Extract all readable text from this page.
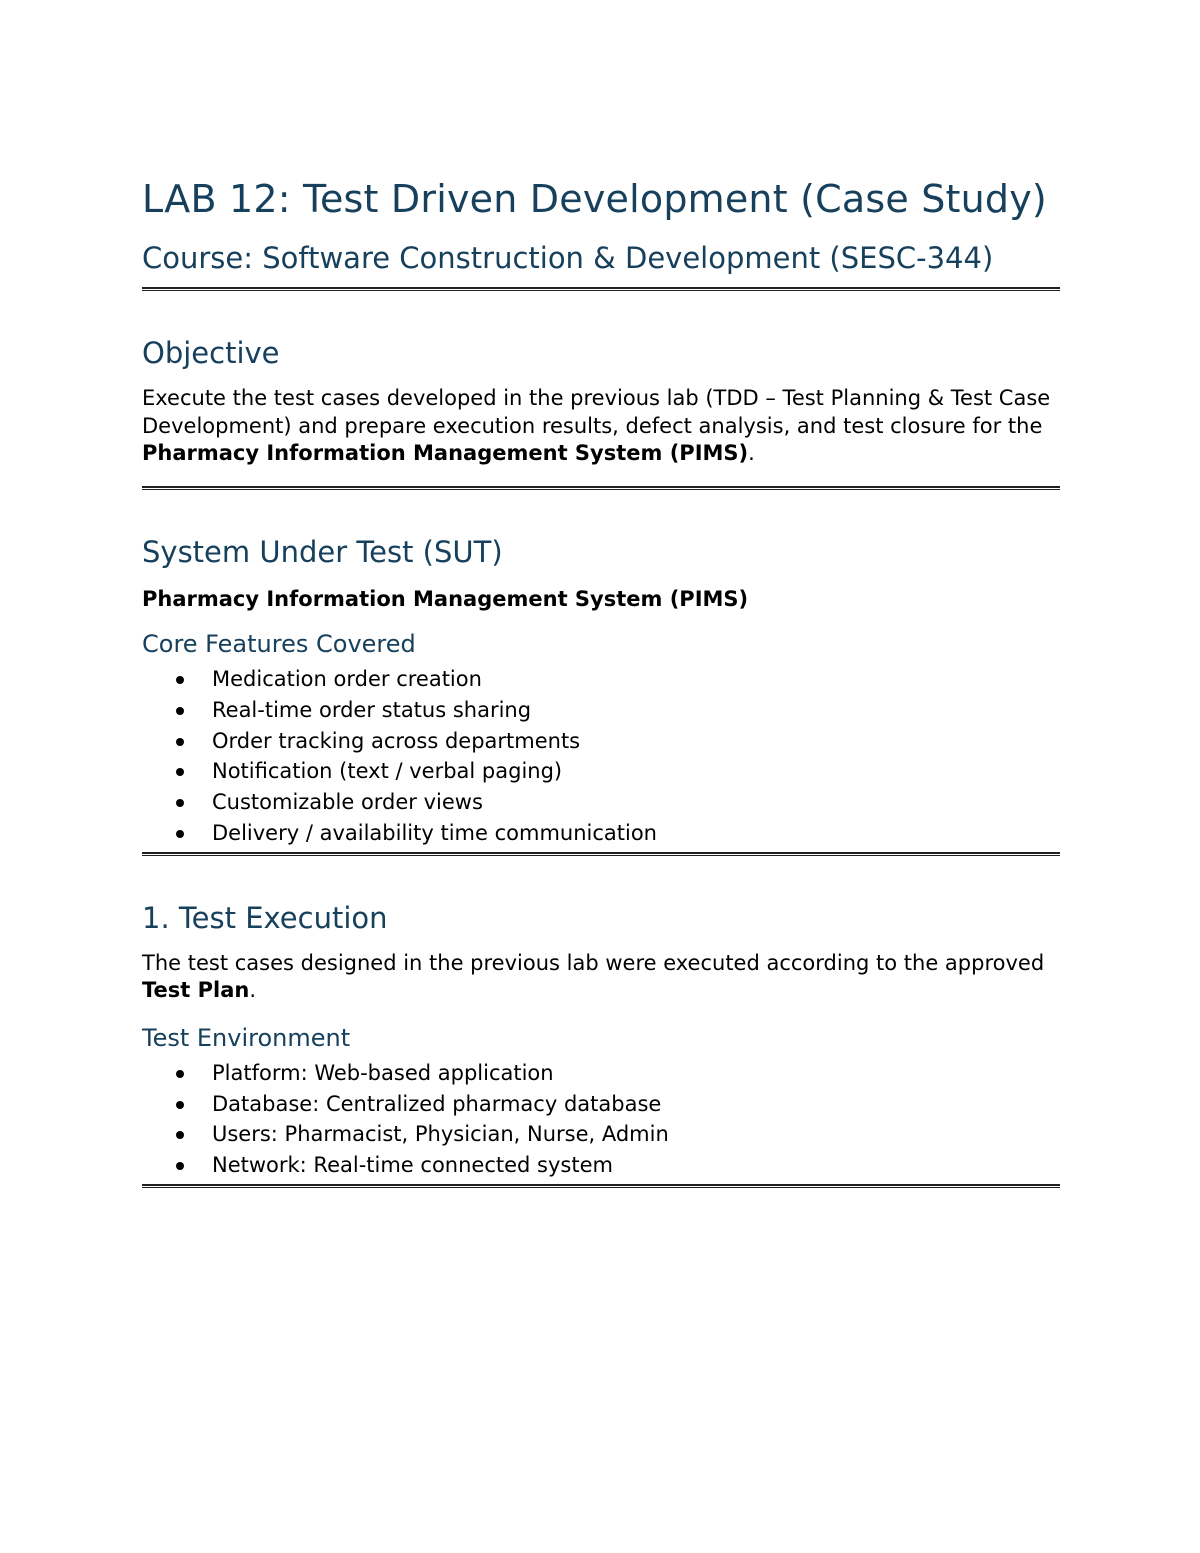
LAB 12: Test Driven Development (Case Study)
Course: Software Construction & Development (SESC-344)
Objective

Execute the test cases developed in the previous lab (TDD – Test Planning & Test Case Development) and prepare execution results, defect analysis, and test closure for the Pharmacy Information Management System (PIMS).

System Under Test (SUT)

Pharmacy Information Management System (PIMS)

Core Features Covered
Medication order creation
Real-time order status sharing
Order tracking across departments
Notification (text / verbal paging)
Customizable order views
Delivery / availability time communication
1. Test Execution

The test cases designed in the previous lab were executed according to the approved Test Plan.

Test Environment
Platform: Web-based application
Database: Centralized pharmacy database
Users: Pharmacist, Physician, Nurse, Admin
Network: Real-time connected system
